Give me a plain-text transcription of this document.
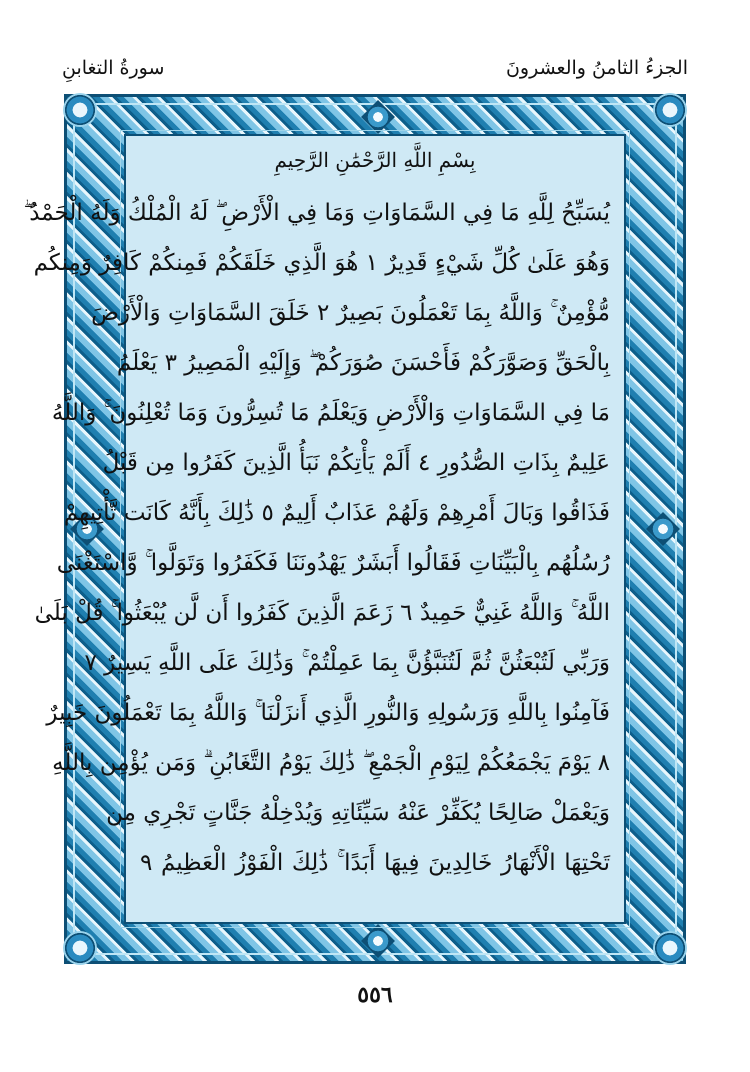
الجزءُ الثامنُ والعشرونَ
سورةُ التغابنِ
بِسْمِ اللَّهِ الرَّحْمَٰنِ الرَّحِيمِ
يُسَبِّحُ لِلَّهِ مَا فِي السَّمَاوَاتِ وَمَا فِي الْأَرْضِ ۖ لَهُ الْمُلْكُ وَلَهُ الْحَمْدُ ۖ
وَهُوَ عَلَىٰ كُلِّ شَيْءٍ قَدِيرٌ ١ هُوَ الَّذِي خَلَقَكُمْ فَمِنكُمْ كَافِرٌ وَمِنكُم
مُّؤْمِنٌ ۚ وَاللَّهُ بِمَا تَعْمَلُونَ بَصِيرٌ ٢ خَلَقَ السَّمَاوَاتِ وَالْأَرْضَ
بِالْحَقِّ وَصَوَّرَكُمْ فَأَحْسَنَ صُوَرَكُمْ ۖ وَإِلَيْهِ الْمَصِيرُ ٣ يَعْلَمُ
مَا فِي السَّمَاوَاتِ وَالْأَرْضِ وَيَعْلَمُ مَا تُسِرُّونَ وَمَا تُعْلِنُونَ ۚ وَاللَّهُ
عَلِيمٌ بِذَاتِ الصُّدُورِ ٤ أَلَمْ يَأْتِكُمْ نَبَأُ الَّذِينَ كَفَرُوا مِن قَبْلُ
فَذَاقُوا وَبَالَ أَمْرِهِمْ وَلَهُمْ عَذَابٌ أَلِيمٌ ٥ ذَٰلِكَ بِأَنَّهُ كَانَت تَّأْتِيهِمْ
رُسُلُهُم بِالْبَيِّنَاتِ فَقَالُوا أَبَشَرٌ يَهْدُونَنَا فَكَفَرُوا وَتَوَلَّوا ۚ وَّاسْتَغْنَى
اللَّهُ ۚ وَاللَّهُ غَنِيٌّ حَمِيدٌ ٦ زَعَمَ الَّذِينَ كَفَرُوا أَن لَّن يُبْعَثُوا ۚ قُلْ بَلَىٰ
وَرَبِّي لَتُبْعَثُنَّ ثُمَّ لَتُنَبَّؤُنَّ بِمَا عَمِلْتُمْ ۚ وَذَٰلِكَ عَلَى اللَّهِ يَسِيرٌ ٧
فَآمِنُوا بِاللَّهِ وَرَسُولِهِ وَالنُّورِ الَّذِي أَنزَلْنَا ۚ وَاللَّهُ بِمَا تَعْمَلُونَ خَبِيرٌ
٨ يَوْمَ يَجْمَعُكُمْ لِيَوْمِ الْجَمْعِ ۖ ذَٰلِكَ يَوْمُ التَّغَابُنِ ۗ وَمَن يُؤْمِن بِاللَّهِ
وَيَعْمَلْ صَالِحًا يُكَفِّرْ عَنْهُ سَيِّئَاتِهِ وَيُدْخِلْهُ جَنَّاتٍ تَجْرِي مِن
تَحْتِهَا الْأَنْهَارُ خَالِدِينَ فِيهَا أَبَدًا ۚ ذَٰلِكَ الْفَوْزُ الْعَظِيمُ ٩
٥٥٦
